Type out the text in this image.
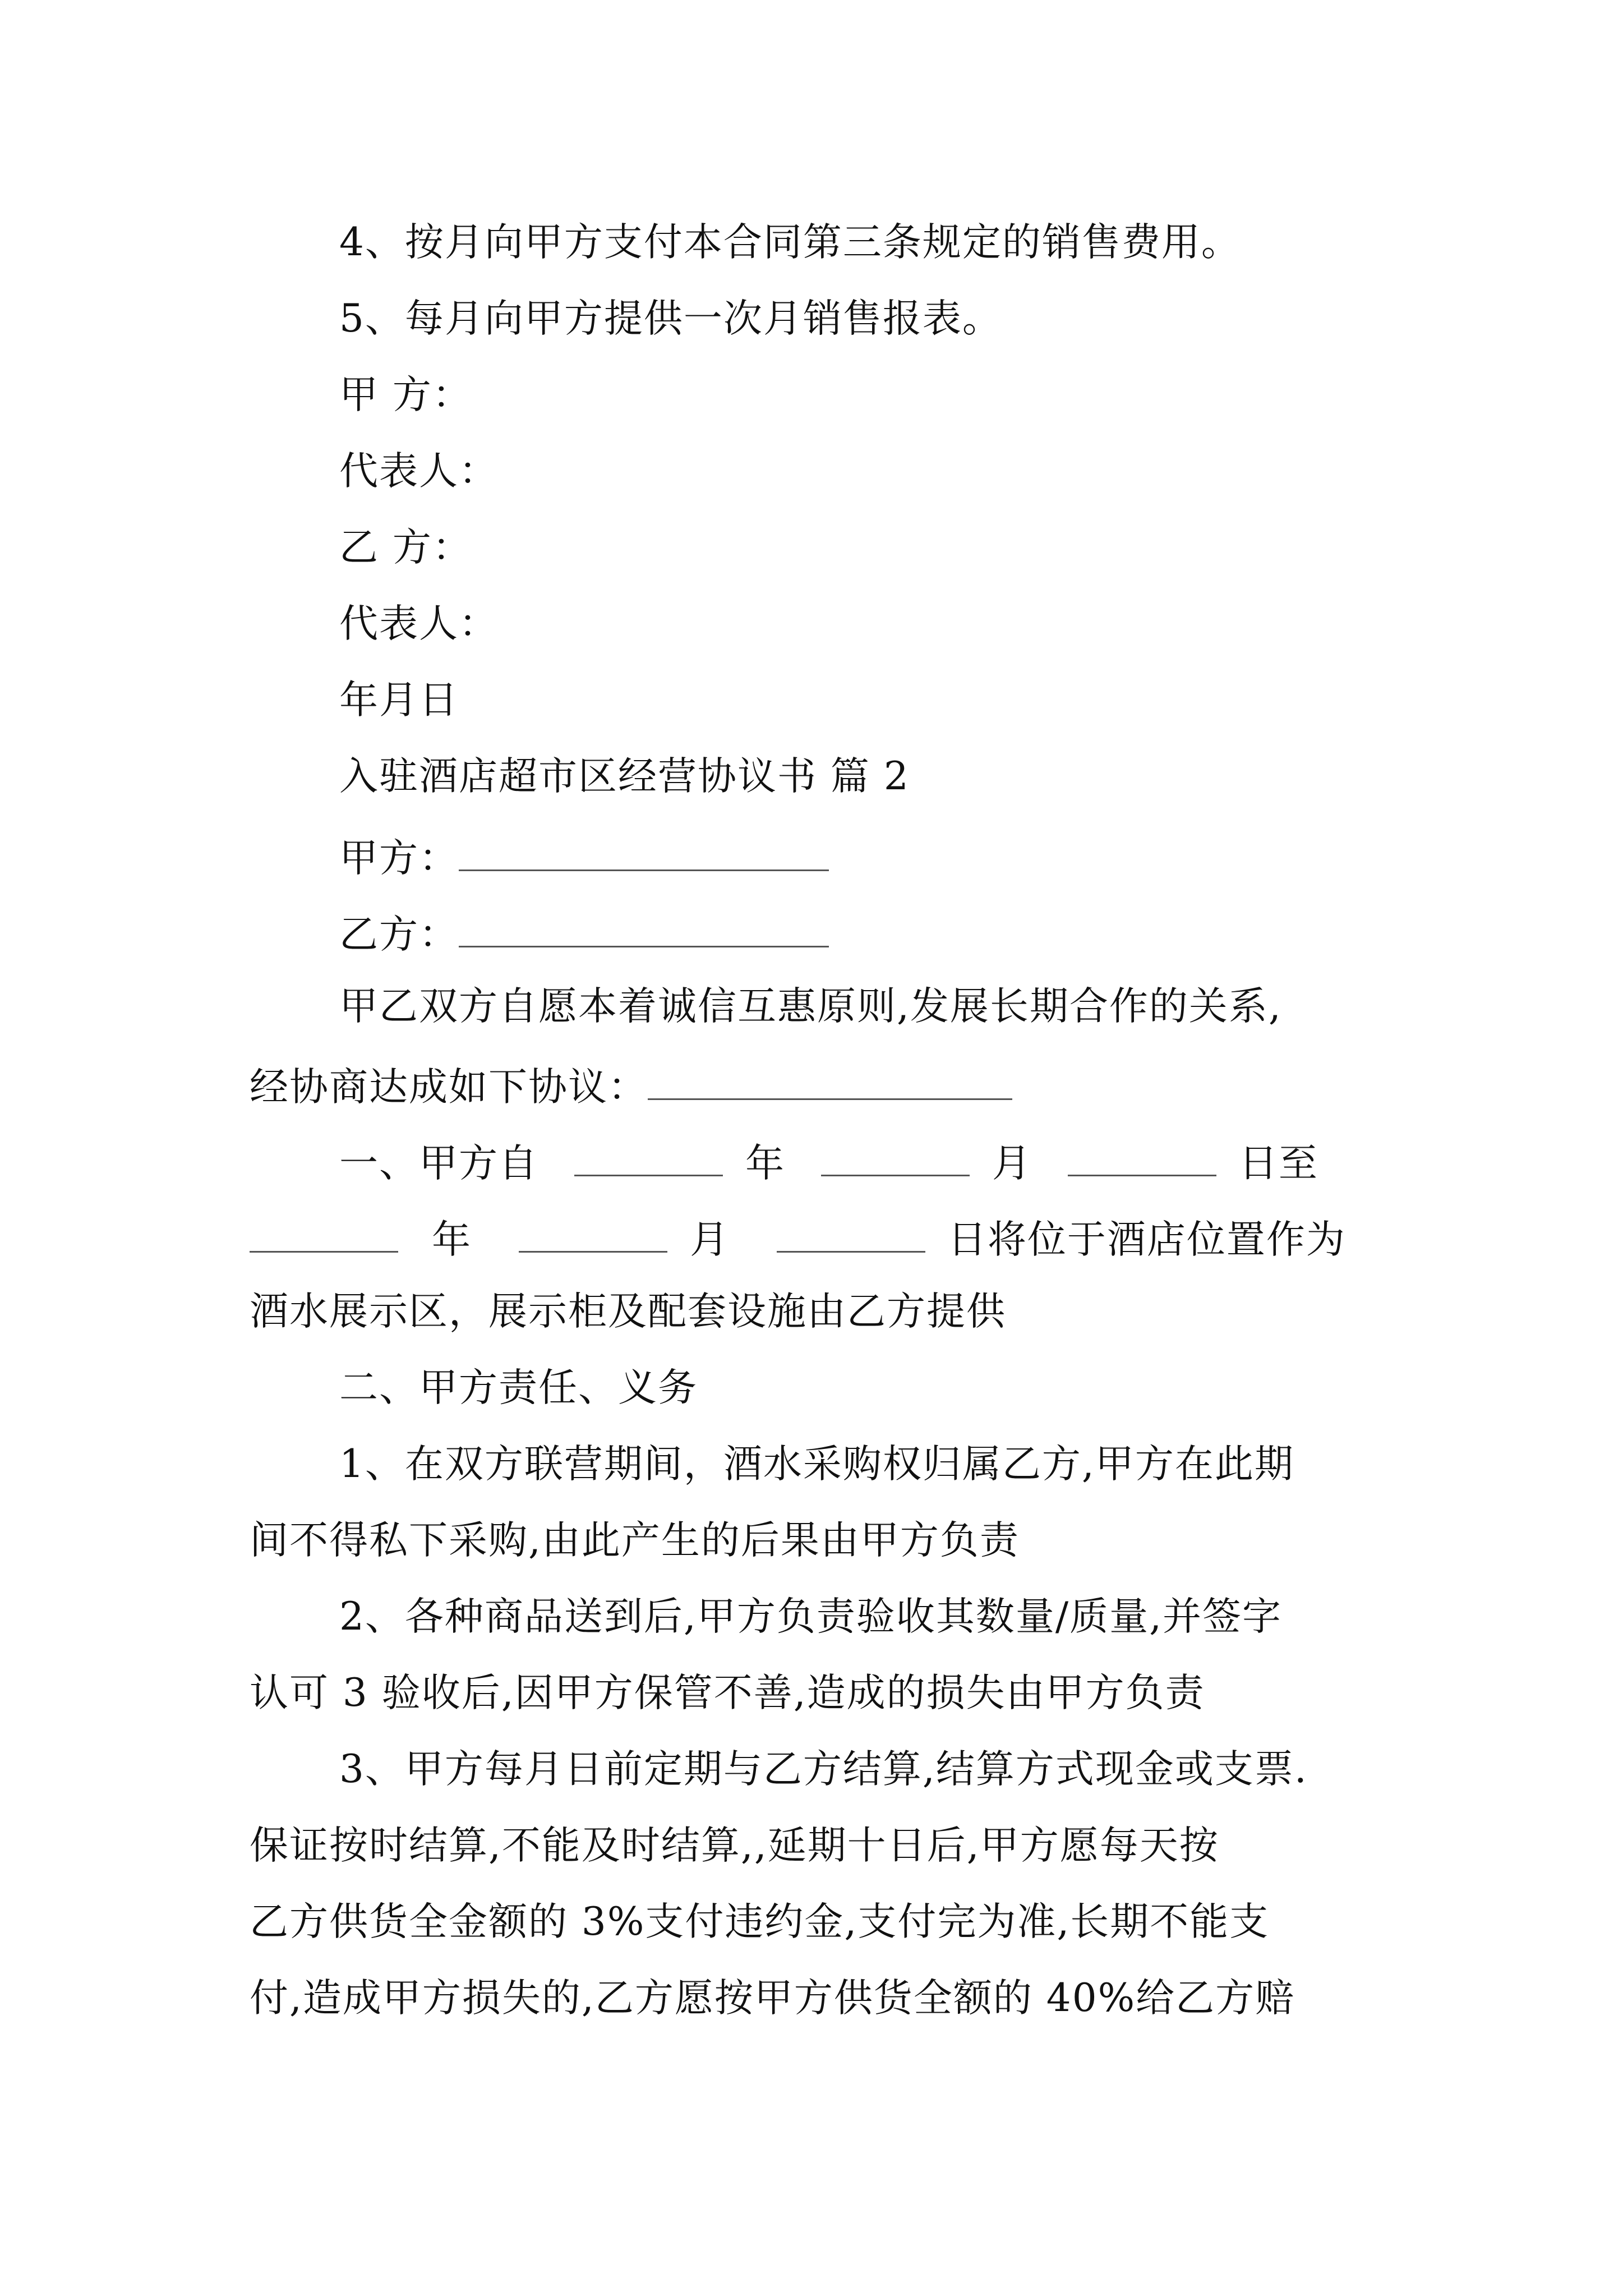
4、按月向甲方支付本合同第三条规定的销售费用。
5、每月向甲方提供一次月销售报表。
甲 方：
代表人：
乙 方：
代表人：
年月日
入驻酒店超市区经营协议书 篇 2
甲方：
乙方：
甲乙双方自愿本着诚信互惠原则,发展长期合作的关系,
经协商达成如下协议：
一、甲方自	年	月	日至
年	月	日将位于酒店位置作为
酒水展示区，展示柜及配套设施由乙方提供
二、甲方责任、义务
1、在双方联营期间，酒水采购权归属乙方,甲方在此期
间不得私下采购,由此产生的后果由甲方负责
2、各种商品送到后,甲方负责验收其数量/质量,并签字
认可 3 验收后,因甲方保管不善,造成的损失由甲方负责
3、甲方每月日前定期与乙方结算,结算方式现金或支票.
保证按时结算,不能及时结算,,延期十日后,甲方愿每天按
乙方供货全金额的 3%支付违约金,支付完为准,长期不能支
付,造成甲方损失的,乙方愿按甲方供货全额的 40%给乙方赔
